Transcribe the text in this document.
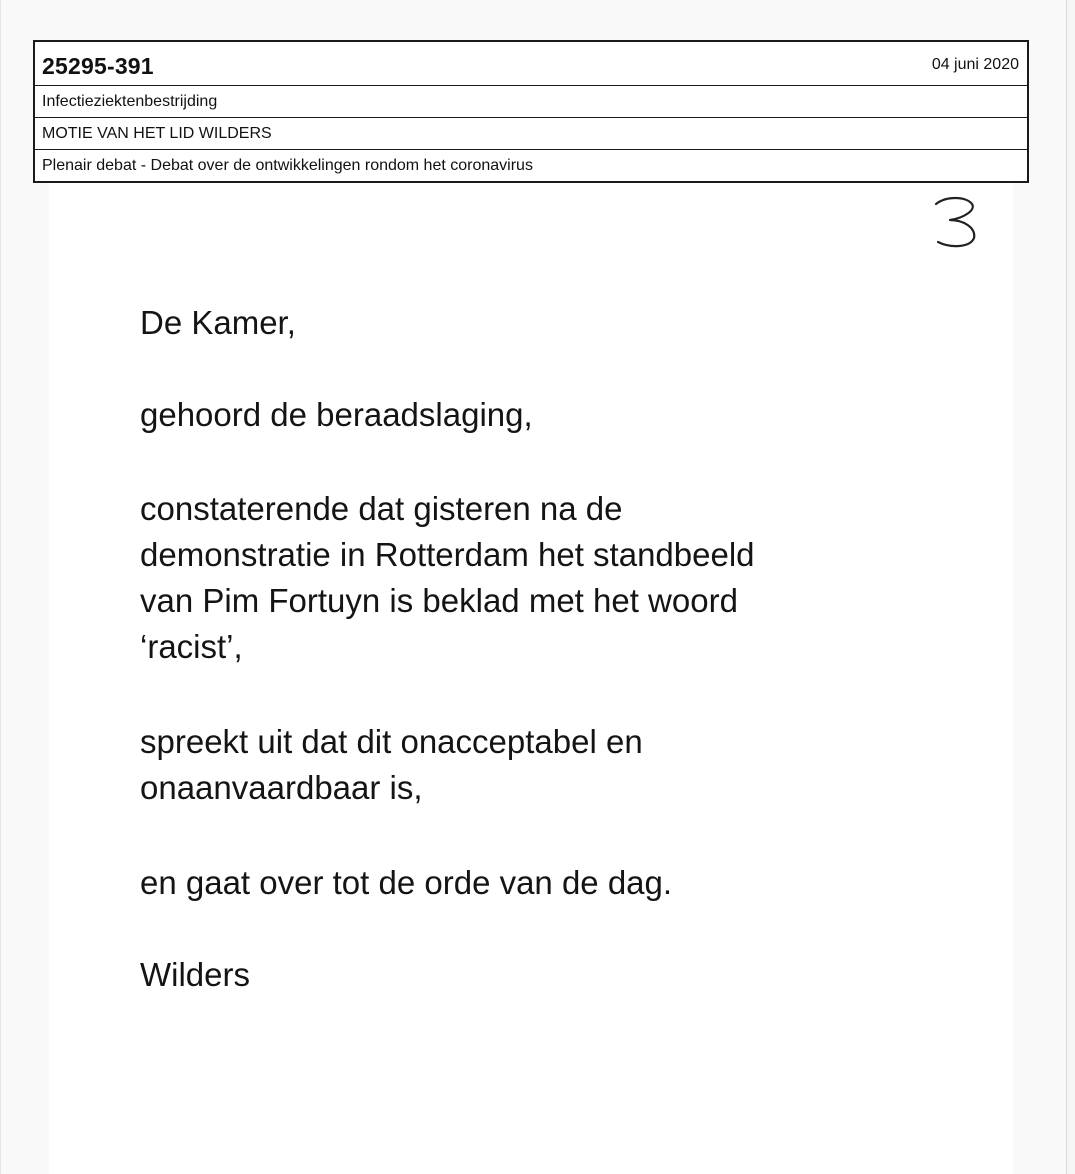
25295-391	04 juni 2020
Infectieziektenbestrijding
MOTIE VAN HET LID WILDERS
Plenair debat - Debat over de ontwikkelingen rondom het coronavirus
De Kamer,
gehoord de beraadslaging,
constaterende dat gisteren na de
demonstratie in Rotterdam het standbeeld
van Pim Fortuyn is beklad met het woord
‘racist’,
spreekt uit dat dit onacceptabel en
onaanvaardbaar is,
en gaat over tot de orde van de dag.
Wilders
